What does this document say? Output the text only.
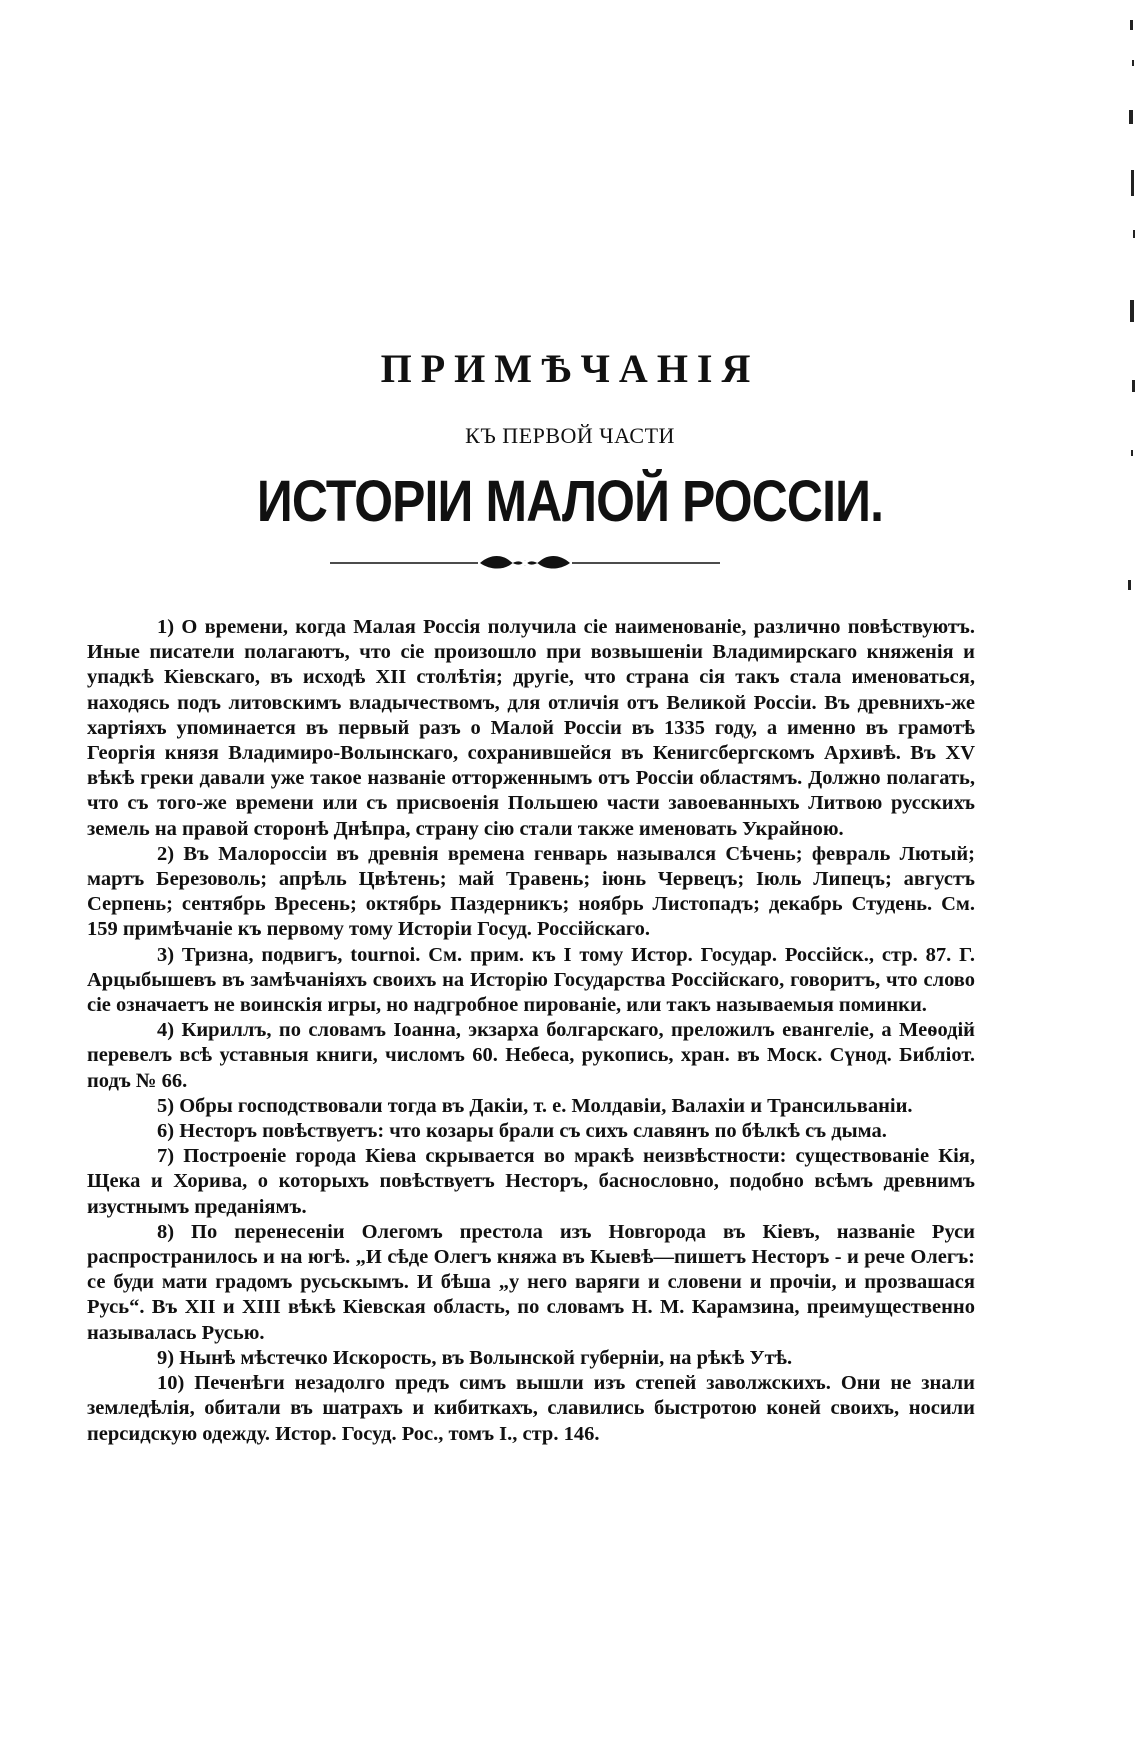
ПРИМѢЧАНІЯ
КЪ ПЕРВОЙ ЧАСТИ
ИСТОРІИ МАЛОЙ РОССІИ.

1) О времени, когда Малая Россія получила сіе наименованіе, различно повѣствуютъ. Иные писатели полагаютъ, что сіе произошло при возвышеніи Владимирскаго княженія и упадкѣ Кіевскаго, въ исходѣ XII столѣтія; другіе, что страна сія такъ стала именоваться, находясь подъ литовскимъ владычествомъ, для отличія отъ Великой Россіи. Въ древнихъ-же хартіяхъ упоминается въ первый разъ о Малой Россіи въ 1335 году, а именно въ грамотѣ Георгія князя Владимиро-Волынскаго, сохранившейся въ Кенигсбергскомъ Архивѣ. Въ XV вѣкѣ греки давали уже такое названіе отторженнымъ отъ Россіи областямъ. Должно полагать, что съ того-же времени или съ присвоенія Польшею части завоеванныхъ Литвою русскихъ земель на правой сторонѣ Днѣпра, страну сію стали также именовать Украйною.

2) Въ Малороссіи въ древнія времена генварь назывался Сѣчень; февраль Лютый; мартъ Березоволь; апрѣль Цвѣтень; май Травень; іюнь Червецъ; Іюль Липецъ; августъ Серпень; сентябрь Вресень; октябрь Паздерникъ; ноябрь Листопадъ; декабрь Студень. См. 159 примѣчаніе къ первому тому Исторіи Госуд. Россійскаго.

3) Тризна, подвигъ, tournoi. См. прим. къ I тому Истор. Государ. Россійск., стр. 87. Г. Арцыбышевъ въ замѣчаніяхъ своихъ на Исторію Государства Россійскаго, говоритъ, что слово сіе означаетъ не воинскія игры, но надгробное пированіе, или такъ называемыя поминки.

4) Кириллъ, по словамъ Іоанна, экзарха болгарскаго, преложилъ евангеліе, а Меѳодій перевелъ всѣ уставныя книги, числомъ 60. Небеса, рукопись, хран. въ Моск. Сүнод. Библіот. подъ № 66.

5) Обры господствовали тогда въ Дакіи, т. е. Молдавіи, Валахіи и Трансильваніи.

6) Несторъ повѣствуетъ: что козары брали съ сихъ славянъ по бѣлкѣ съ дыма.

7) Построеніе города Кіева скрывается во мракѣ неизвѣстности: существованіе Кія, Щека и Хорива, о которыхъ повѣствуетъ Несторъ, баснословно, подобно всѣмъ древнимъ изустнымъ преданіямъ.

8) По перенесеніи Олегомъ престола изъ Новгорода въ Кіевъ, названіе Руси распространилось и на югѣ. „И сѣде Олегъ княжа въ Кыевѣ—пишетъ Несторъ - и рече Олегъ: се буди мати градомъ русьскымъ. И бѣша „у него варяги и словени и прочіи, и прозвашася Русь“. Въ XII и XIII вѣкѣ Кіевская область, по словамъ Н. М. Карамзина, преимущественно называлась Русью.

9) Нынѣ мѣстечко Искорость, въ Волынской губерніи, на рѣкѣ Утѣ.

10) Печенѣги незадолго предъ симъ вышли изъ степей заволжскихъ. Они не знали земледѣлія, обитали въ шатрахъ и кибиткахъ, славились быстротою коней своихъ, носили персидскую одежду. Истор. Госуд. Рос., томъ I., стр. 146.
